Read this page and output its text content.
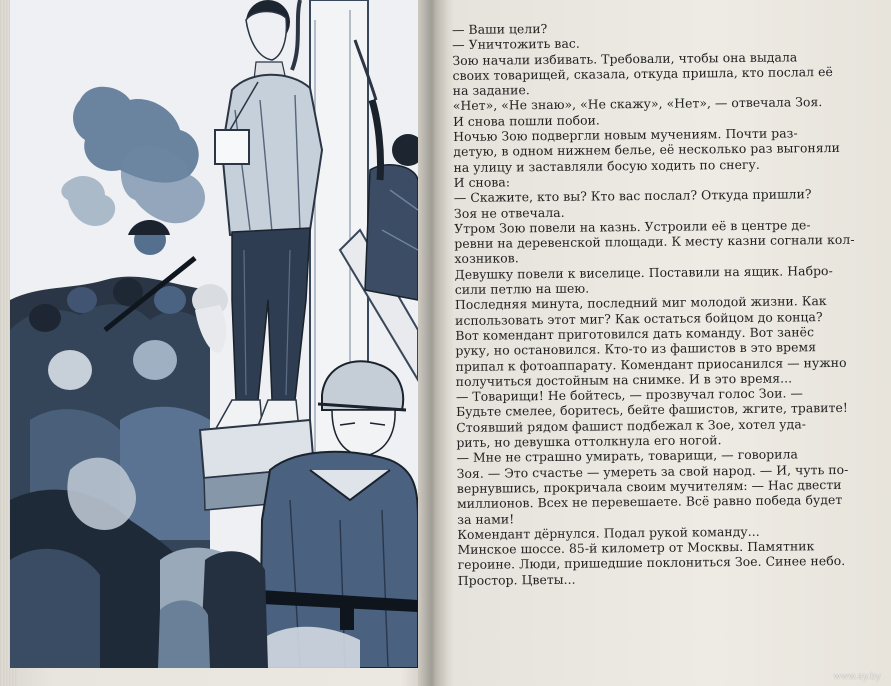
— Ваши цели?
— Уничтожить вас.
Зою начали избивать. Требовали, чтобы она выдала
своих товарищей, сказала, откуда пришла, кто послал её
на задание.
«Нет», «Не знаю», «Не скажу», «Нет», — отвечала Зоя.
И снова пошли побои.
Ночью Зою подвергли новым мучениям. Почти раз-
детую, в одном нижнем белье, её несколько раз выгоняли
на улицу и заставляли босую ходить по снегу.
И снова:
— Скажите, кто вы? Кто вас послал? Откуда пришли?
Зоя не отвечала.
Утром Зою повели на казнь. Устроили её в центре де-
ревни на деревенской площади. К месту казни согнали кол-
хозников.
Девушку повели к виселице. Поставили на ящик. Набро-
сили петлю на шею.
Последняя минута, последний миг молодой жизни. Как
использовать этот миг? Как остаться бойцом до конца?
Вот комендант приготовился дать команду. Вот занёс
руку, но остановился. Кто-то из фашистов в это время
припал к фотоаппарату. Комендант приосанился — нужно
получиться достойным на снимке. И в это время...
— Товарищи! Не бойтесь, — прозвучал голос Зои. —
Будьте смелее, боритесь, бейте фашистов, жгите, травите!
Стоявший рядом фашист подбежал к Зое, хотел уда-
рить, но девушка оттолкнула его ногой.
— Мне не страшно умирать, товарищи, — говорила
Зоя. — Это счастье — умереть за свой народ. — И, чуть по-
вернувшись, прокричала своим мучителям: — Нас двести
миллионов. Всех не перевешаете. Всё равно победа будет
за нами!
Комендант дёрнулся. Подал рукой команду...
Минское шоссе. 85-й километр от Москвы. Памятник
героине. Люди, пришедшие поклониться Зое. Синее небо.
Простор. Цветы...
www.ay.by
